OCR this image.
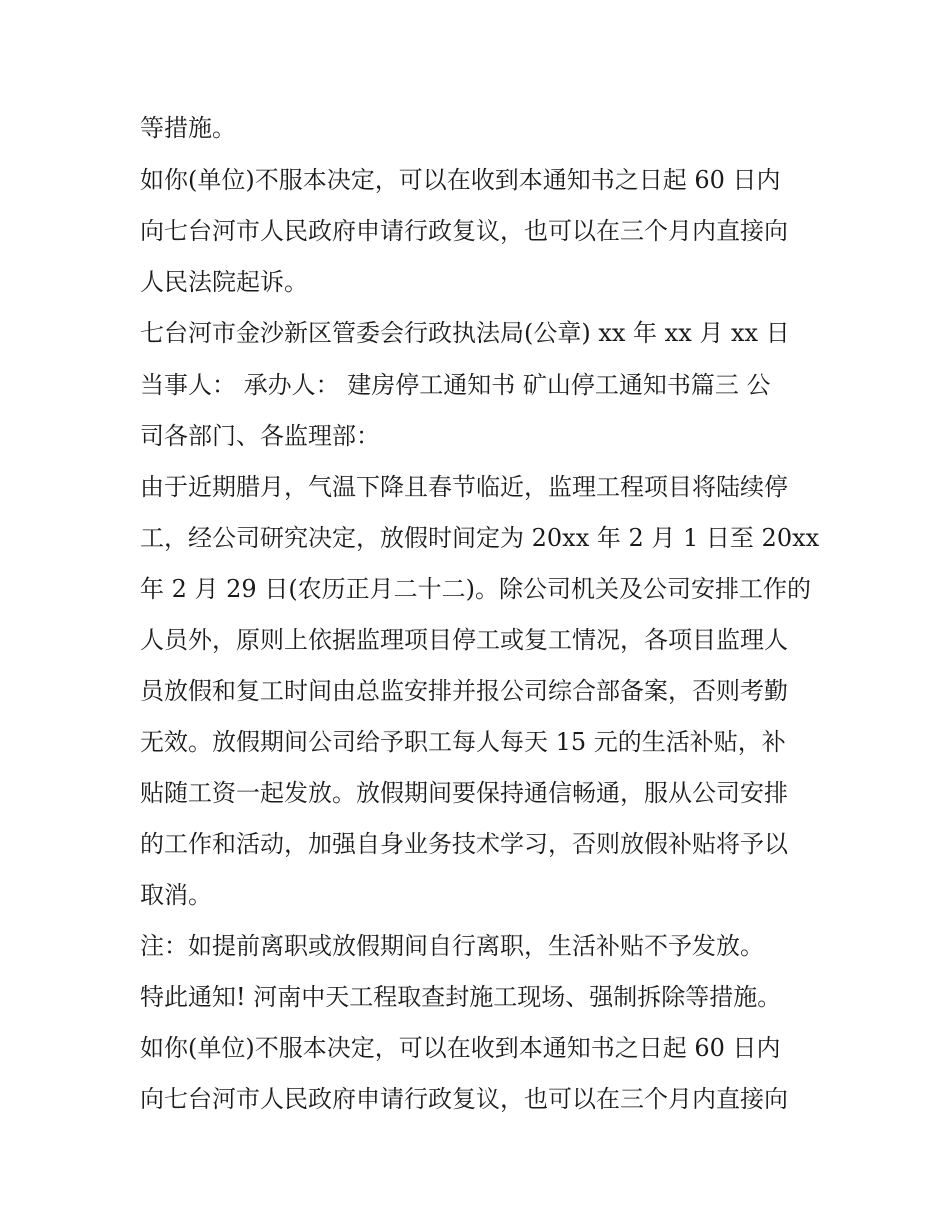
等措施。
如你(单位)不服本决定，可以在收到本通知书之日起 60 日内
向七台河市人民政府申请行政复议，也可以在三个月内直接向
人民法院起诉。
七台河市金沙新区管委会行政执法局(公章) xx 年 xx 月 xx 日
当事人： 承办人： 建房停工通知书 矿山停工通知书篇三 公
司各部门、各监理部：
由于近期腊月，气温下降且春节临近，监理工程项目将陆续停
工，经公司研究决定，放假时间定为 20xx 年 2 月 1 日至 20xx
年 2 月 29 日(农历正月二十二)。除公司机关及公司安排工作的
人员外，原则上依据监理项目停工或复工情况，各项目监理人
员放假和复工时间由总监安排并报公司综合部备案，否则考勤
无效。放假期间公司给予职工每人每天 15 元的生活补贴，补
贴随工资一起发放。放假期间要保持通信畅通，服从公司安排
的工作和活动，加强自身业务技术学习，否则放假补贴将予以
取消。
注：如提前离职或放假期间自行离职，生活补贴不予发放。
特此通知! 河南中天工程取查封施工现场、强制拆除等措施。
如你(单位)不服本决定，可以在收到本通知书之日起 60 日内
向七台河市人民政府申请行政复议，也可以在三个月内直接向
